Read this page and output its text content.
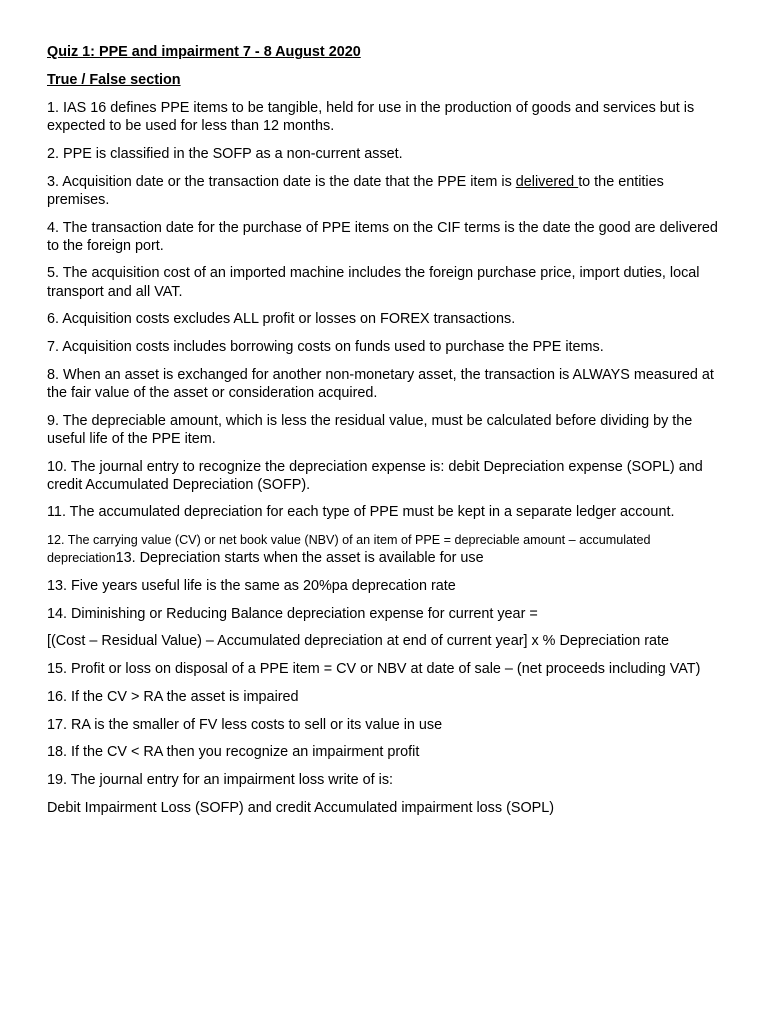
Quiz 1: PPE and impairment 7 - 8 August 2020

True / False section

1. IAS 16 defines PPE items to be tangible, held for use in the production of goods and services but is expected to be used for less than 12 months.

2. PPE is classified in the SOFP as a non-current asset.

3. Acquisition date or the transaction date is the date that the PPE item is delivered to the entities premises.

4. The transaction date for the purchase of PPE items on the CIF terms is the date the good are delivered to the foreign port.

5. The acquisition cost of an imported machine includes the foreign purchase price, import duties, local transport and all VAT.

6. Acquisition costs excludes ALL profit or losses on FOREX transactions.

7. Acquisition costs includes borrowing costs on funds used to purchase the PPE items.

8. When an asset is exchanged for another non-monetary asset, the transaction is ALWAYS measured at the fair value of the asset or consideration acquired.

9. The depreciable amount, which is less the residual value, must be calculated before dividing by the useful life of the PPE item.

10. The journal entry to recognize the depreciation expense is: debit Depreciation expense (SOPL) and credit Accumulated Depreciation (SOFP).

11. The accumulated depreciation for each type of PPE must be kept in a separate ledger account.

12. The carrying value (CV) or net book value (NBV) of an item of PPE = depreciable amount – accumulated depreciation13. Depreciation starts when the asset is available for use

13. Five years useful life is the same as 20%pa deprecation rate

14. Diminishing or Reducing Balance depreciation expense for current year =

[(Cost – Residual Value) – Accumulated depreciation at end of current year] x % Depreciation rate

15. Profit or loss on disposal of a PPE item = CV or NBV at date of sale – (net proceeds including VAT)

16. If the CV > RA the asset is impaired

17. RA is the smaller of FV less costs to sell or its value in use

18. If the CV < RA then you recognize an impairment profit

19. The journal entry for an impairment loss write of is:

Debit Impairment Loss (SOFP) and credit Accumulated impairment loss (SOPL)
